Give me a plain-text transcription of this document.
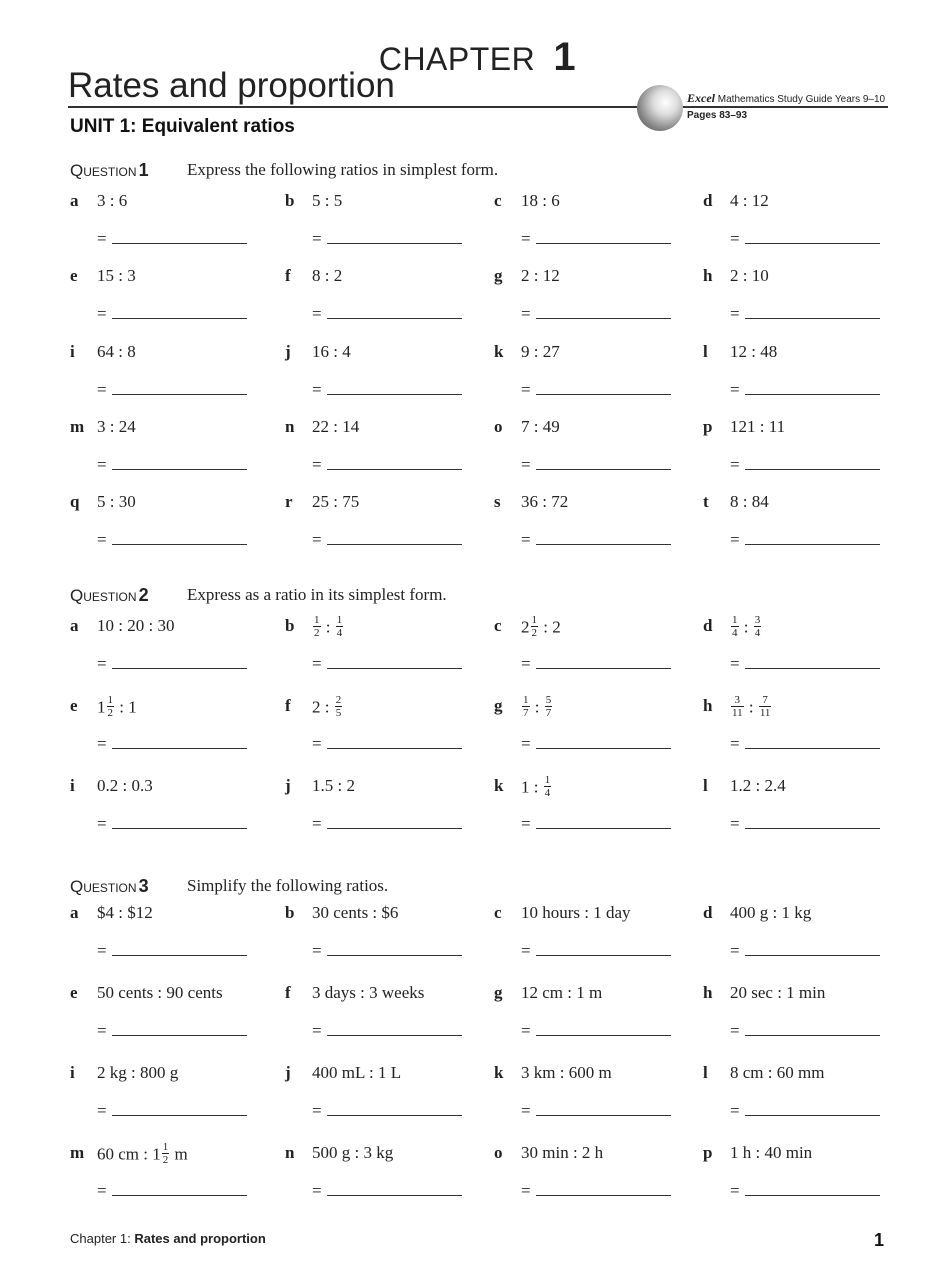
CHAPTER 1
Rates and proportion	Excel Mathematics Study Guide Years 9–10
Pages 83–93
UNIT 1: Equivalent ratios
Question 1 Express the following ratios in simplest form.
a 3 : 6
=
b 5 : 5
=
c 18 : 6
=
d 4 : 12
=
e 15 : 3
=
f 8 : 2
=
g 2 : 12
=
h 2 : 10
=
i 64 : 8
=
j 16 : 4
=
k 9 : 27
=
l 12 : 48
=
m 3 : 24
=
n 22 : 14
=
o 7 : 49
=
p 121 : 11
=
q 5 : 30
=
r 25 : 75
=
s 36 : 72
=
t 8 : 84
=
Question 2 Express as a ratio in its simplest form.
a 10 : 20 : 30
=
b $\frac{1}{2}$ : $\frac{1}{4}$
=
c $2 \frac{1}{2}$ : 2
=
d $\frac{1}{4}$ : $\frac{3}{4}$
=
e $1 \frac{1}{2}$ : 1
=
f 2 : $\frac{2}{5}$
=
g $\frac{1}{7}$ : $\frac{5}{7}$
=
h $\frac{3}{11}$ : $\frac{7}{11}$
=
i 0.2 : 0.3
=
j 1.5 : 2
=
k 1 : $\frac{1}{4}$
=
l 1.2 : 2.4
=
Question 3 Simplify the following ratios.
a $4 : $12
=
b 30 cents : $6
=
c 10 hours : 1 day
=
d 400 g : 1 kg
=
e 50 cents : 90 cents
=
f 3 days : 3 weeks
=
g 12 cm : 1 m
=
h 20 sec : 1 min
=
i 2 kg : 800 g
=
j 400 mL : 1 L
=
k 3 km : 600 m
=
l 8 cm : 60 mm
=
m 60 cm : $1 \frac{1}{2}$ m
=
n 500 g : 3 kg
=
o 30 min : 2 h
=
p 1 h : 40 min
=
Chapter 1: Rates and proportion	1
